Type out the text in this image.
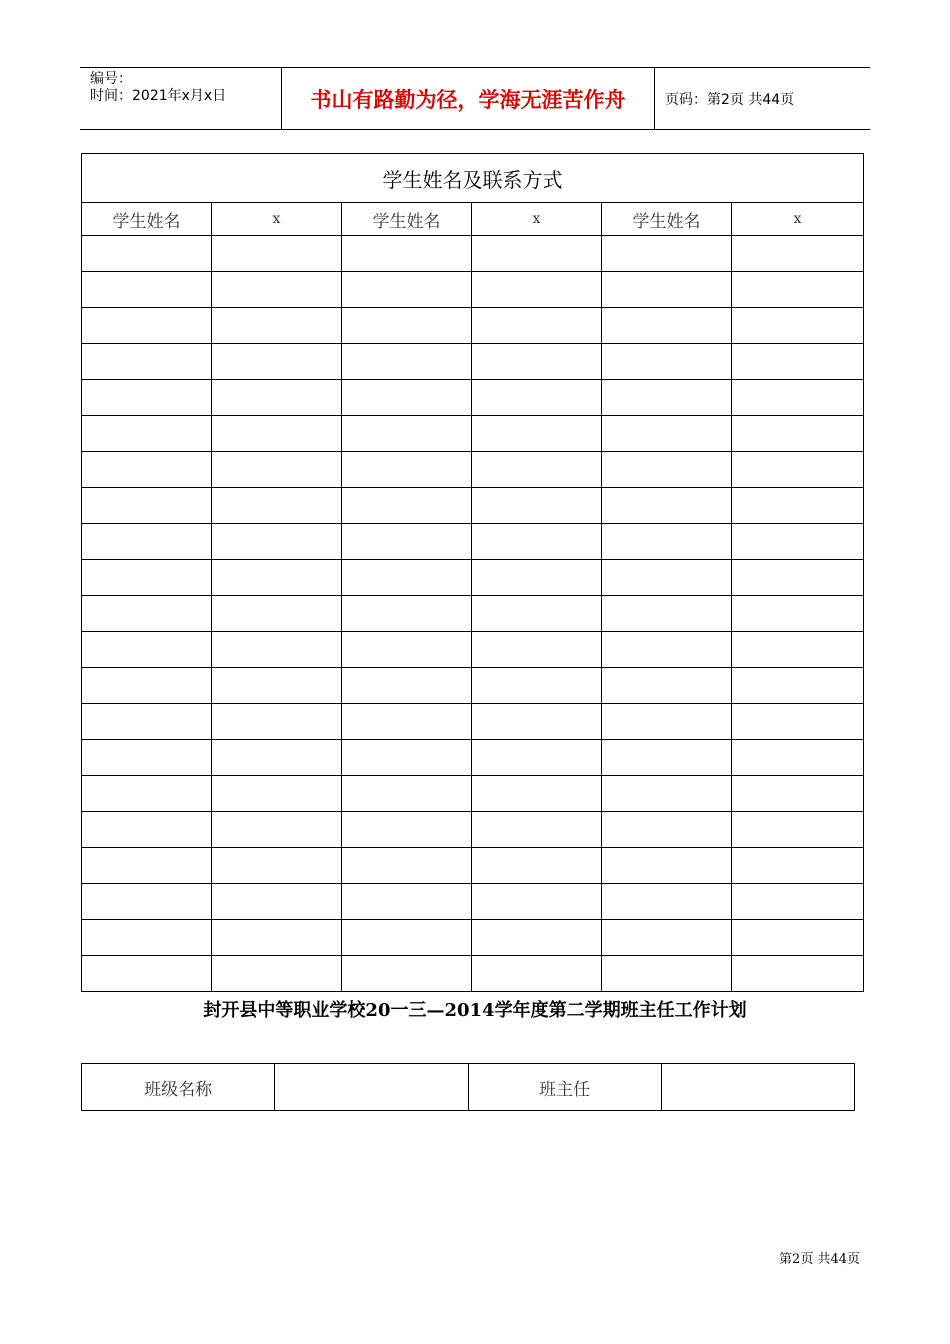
编号：
时间：2021年x月x日	书山有路勤为径，学海无涯苦作舟	页码：第2页 共44页
学生姓名及联系方式					
学生姓名	x	学生姓名	x	学生姓名	x

封开县中等职业学校20一三—2014学年度第二学期班主任工作计划
班级名称		班主任	
第2页 共44页
